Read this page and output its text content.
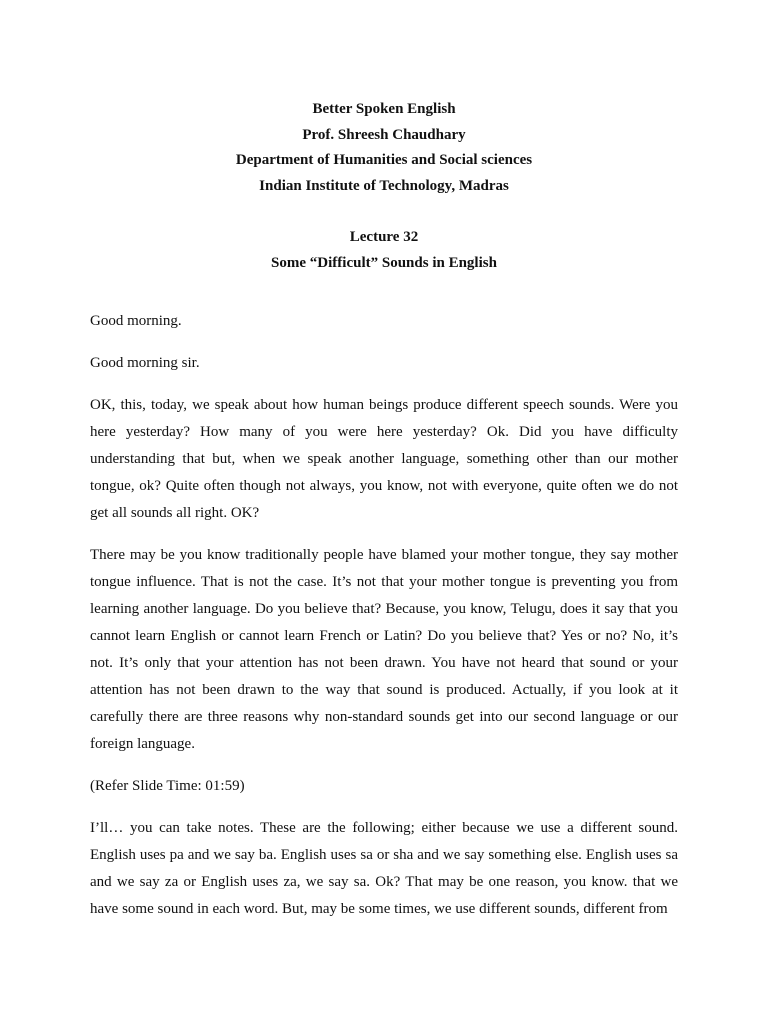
Better Spoken English
Prof. Shreesh Chaudhary
Department of Humanities and Social sciences
Indian Institute of Technology, Madras
Lecture 32
Some “Difficult” Sounds in English

Good morning.

Good morning sir.

OK, this, today, we speak about how human beings produce different speech sounds. Were you here yesterday? How many of you were here yesterday? Ok. Did you have difficulty understanding that but, when we speak another language, something other than our mother tongue, ok? Quite often though not always, you know, not with everyone, quite often we do not get all sounds all right. OK?

There may be you know traditionally people have blamed your mother tongue, they say mother tongue influence. That is not the case. It’s not that your mother tongue is preventing you from learning another language. Do you believe that? Because, you know, Telugu, does it say that you cannot learn English or cannot learn French or Latin? Do you believe that? Yes or no? No, it’s not. It’s only that your attention has not been drawn. You have not heard that sound or your attention has not been drawn to the way that sound is produced. Actually, if you look at it carefully there are three reasons why non-standard sounds get into our second language or our foreign language.

(Refer Slide Time: 01:59)

I’ll… you can take notes. These are the following; either because we use a different sound. English uses pa and we say ba. English uses sa or sha and we say something else. English uses sa and we say za or English uses za, we say sa. Ok? That may be one reason, you know. that we have some sound in each word. But, may be some times, we use different sounds, different from
